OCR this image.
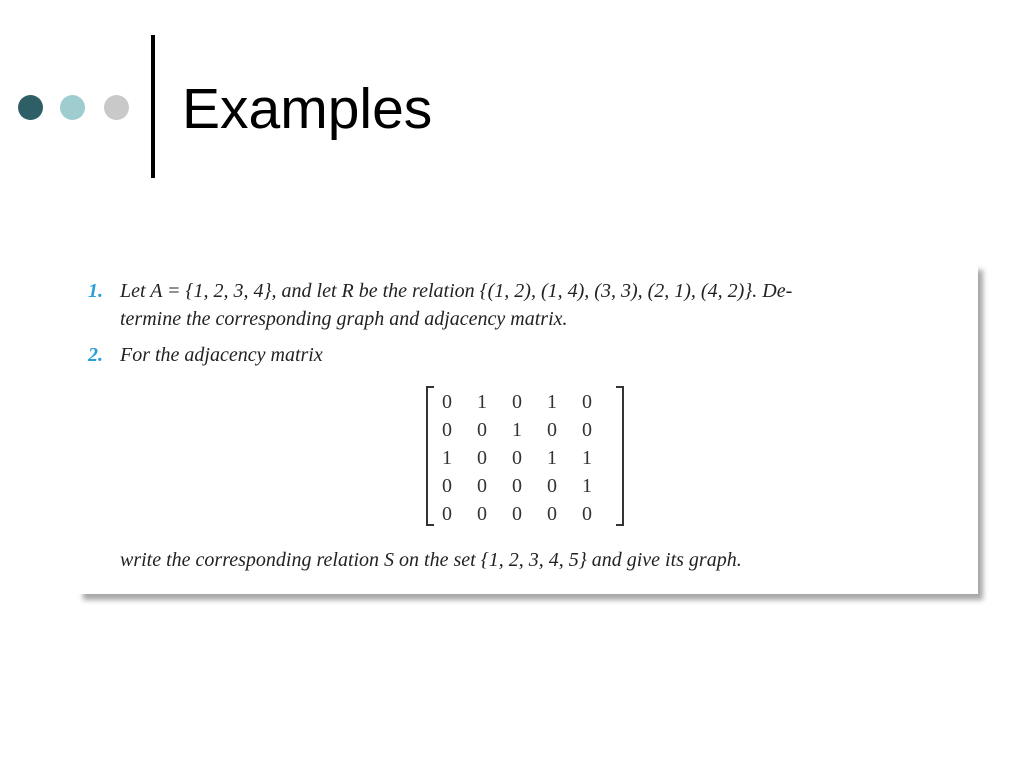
Examples
1. Let A = {1, 2, 3, 4}, and let R be the relation {(1, 2), (1, 4), (3, 3), (2, 1), (4, 2)}. De-
termine the corresponding graph and adjacency matrix.
2. For the adjacency matrix
0	1	0	1	0
0	0	1	0	0
1	0	0	1	1
0	0	0	0	1
0	0	0	0	0
write the corresponding relation S on the set {1, 2, 3, 4, 5} and give its graph.
